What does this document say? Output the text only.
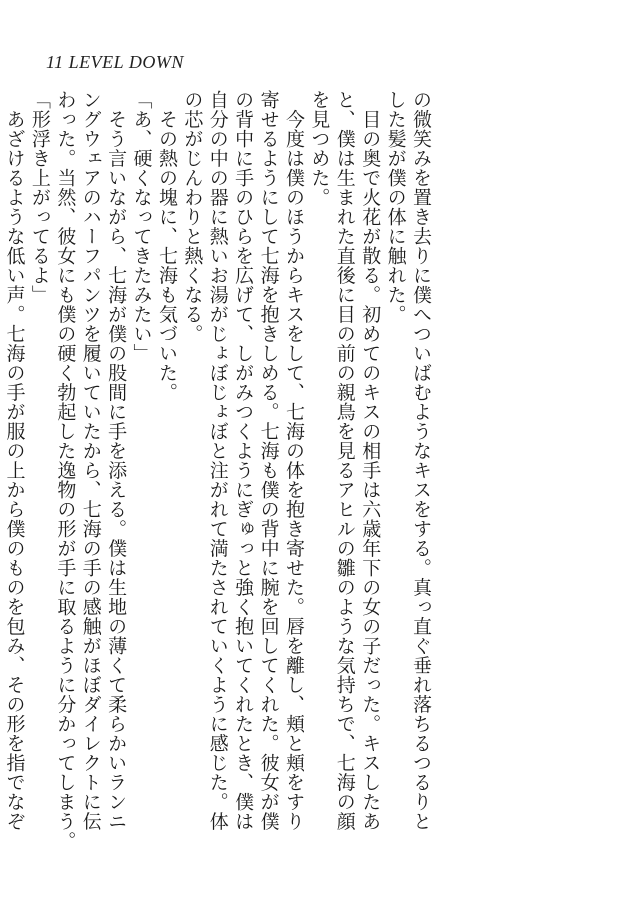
11 LEVEL DOWN
の微笑みを置き去りに僕へついばむようなキスをする。真っ直ぐ垂れ落ちるつるりと
した髪が僕の体に触れた。
　目の奥で火花が散る。初めてのキスの相手は六歳年下の女の子だった。キスしたあ
と、僕は生まれた直後に目の前の親鳥を見るアヒルの雛のような気持ちで、七海の顔
を見つめた。
　今度は僕のほうからキスをして、七海の体を抱き寄せた。唇を離し、頬と頬をすり
寄せるようにして七海を抱きしめる。七海も僕の背中に腕を回してくれた。彼女が僕
の背中に手のひらを広げて、しがみつくようにぎゅっと強く抱いてくれたとき、僕は
自分の中の器に熱いお湯がじょぼじょぼと注がれて満たされていくように感じた。体
の芯がじんわりと熱くなる。
　その熱の塊に、七海も気づいた。
「あ、硬くなってきたみたい」
　そう言いながら、七海が僕の股間に手を添える。僕は生地の薄くて柔らかいランニ
ングウェアのハーフパンツを履いていたから、七海の手の感触がほぼダイレクトに伝
わった。当然、彼女にも僕の硬く勃起した逸物の形が手に取るように分かってしまう。
「形浮き上がってるよ」
　あざけるような低い声。七海の手が服の上から僕のものを包み、その形を指でなぞ
